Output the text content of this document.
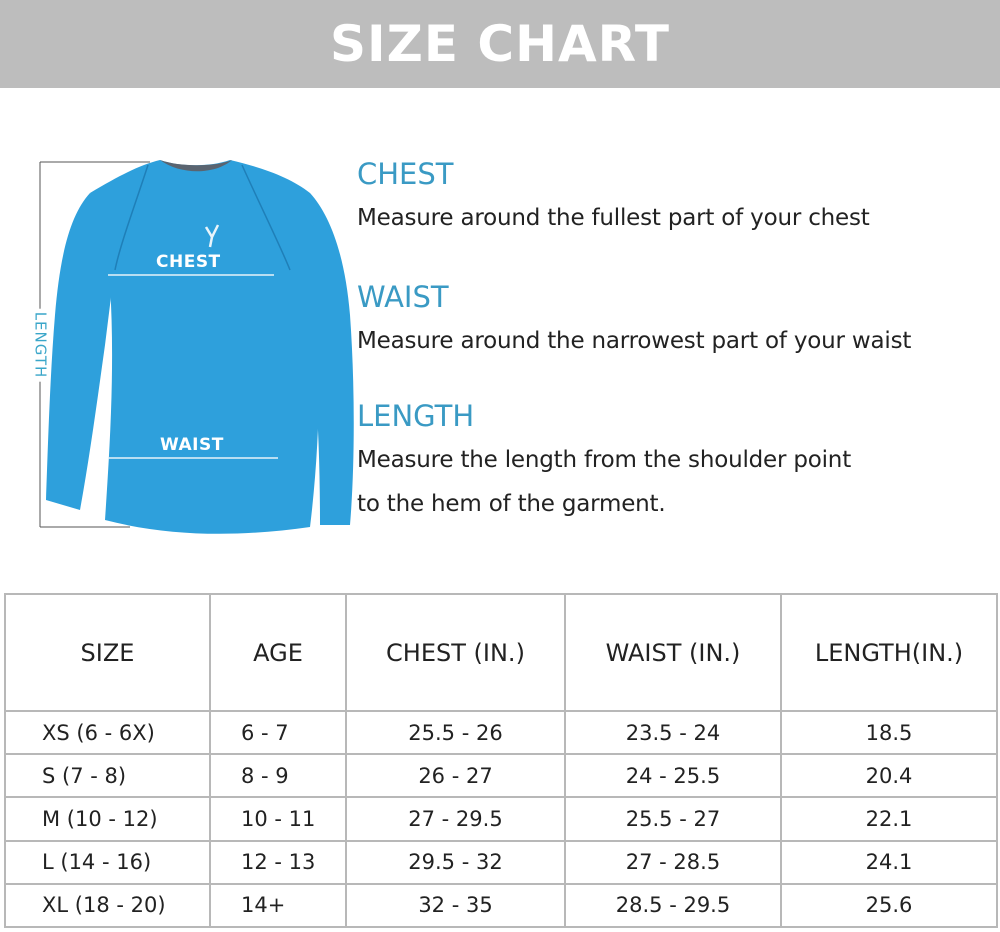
SIZE CHART
LENGTH
CHEST
WAIST
CHEST
Measure around the fullest part of your chest
WAIST
Measure around the narrowest part of your waist
LENGTH
Measure the length from the shoulder point
to the hem of the garment.
SIZE	AGE	CHEST (IN.)	WAIST (IN.)	LENGTH(IN.)
XS (6 - 6X)	6 - 7	25.5 - 26	23.5 - 24	18.5
S (7 - 8)	8 - 9	26 - 27	24 - 25.5	20.4
M (10 - 12)	10 - 11	27 - 29.5	25.5 - 27	22.1
L (14 - 16)	12 - 13	29.5 - 32	27 - 28.5	24.1
XL (18 - 20)	14+	32 - 35	28.5 - 29.5	25.6
